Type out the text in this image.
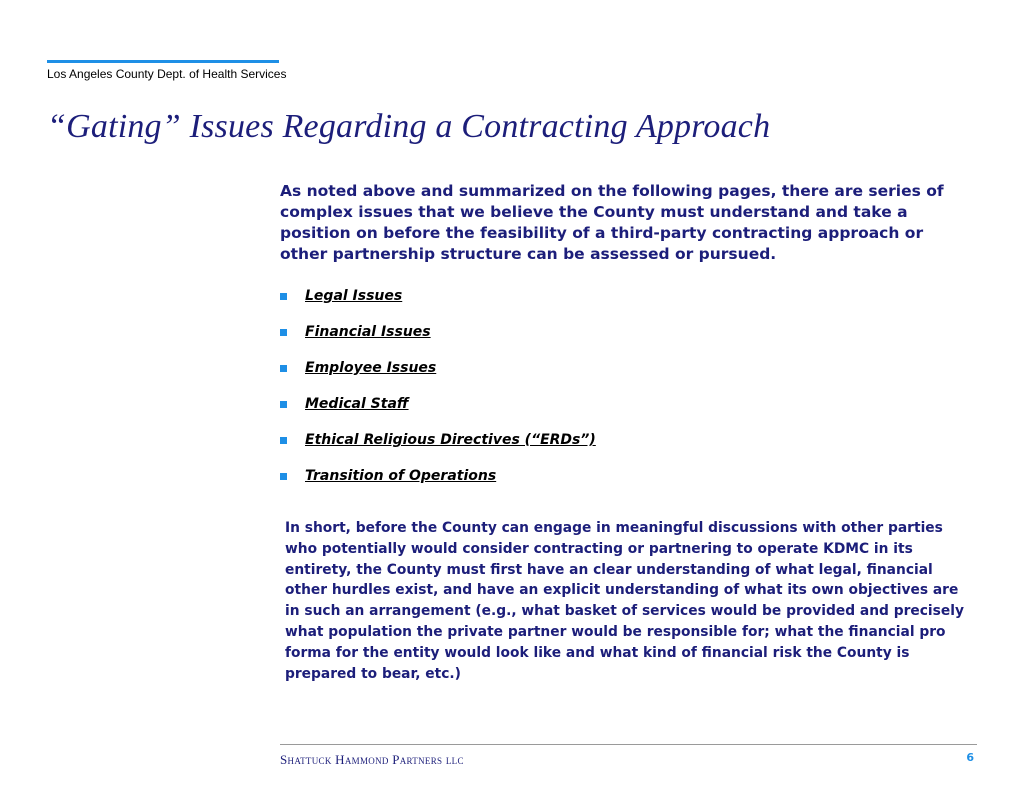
Los Angeles County Dept. of Health Services
“Gating” Issues Regarding a Contracting Approach

As noted above and summarized on the following pages, there are series of complex issues that we believe the County must understand and take a position on before the feasibility of a third-party contracting approach or other partnership structure can be assessed or pursued.

Legal Issues
Financial Issues
Employee Issues
Medical Staff
Ethical Religious Directives (“ERDs”)
Transition of Operations

In short, before the County can engage in meaningful discussions with other parties who potentially would consider contracting or partnering to operate KDMC in its entirety, the County must first have an clear understanding of what legal, financial other hurdles exist, and have an explicit understanding of what its own objectives are in such an arrangement (e.g., what basket of services would be provided and precisely what population the private partner would be responsible for; what the financial pro forma for the entity would look like and what kind of financial risk the County is prepared to bear, etc.)

Shattuck Hammond Partners llc	6
